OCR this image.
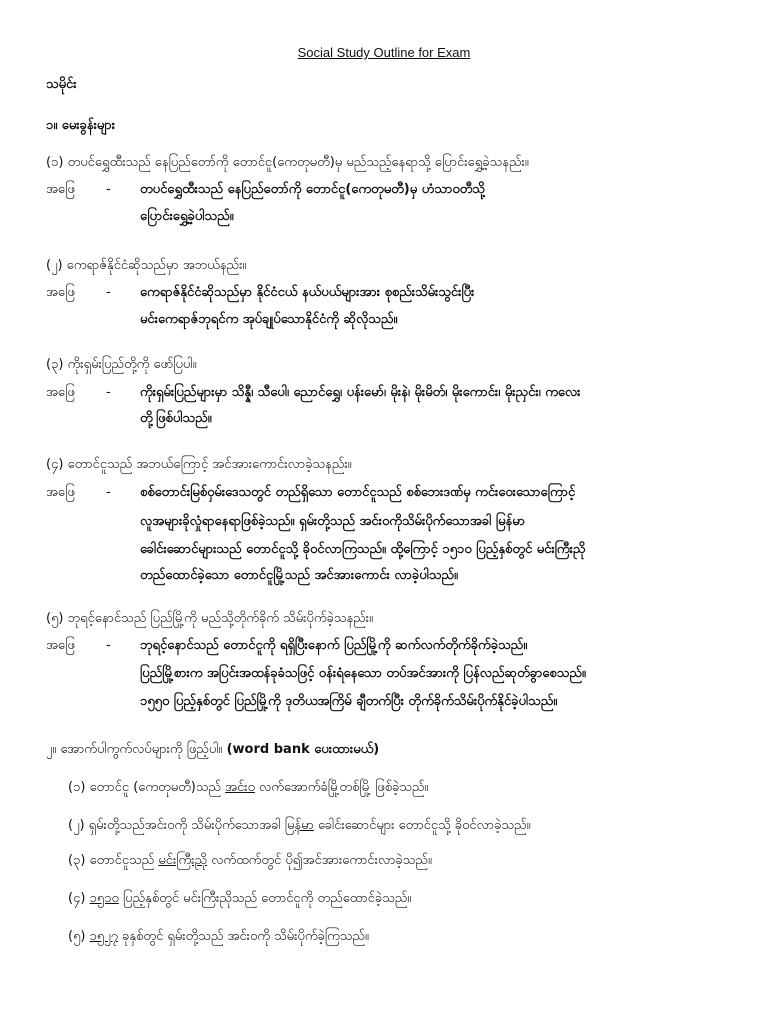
Social Study Outline for Exam
သမိုင်း
၁။ မေးခွန်းများ
(၁) တပင်ရွှေထီးသည် နေပြည်တော်ကို တောင်ငူ(ကေတုမတီ)မှ မည်သည့်နေရာသို့ ပြောင်းရွှေ့ခဲ့သနည်း။
အဖြေ - တပင်ရွှေထီးသည် နေပြည်တော်ကို တောင်ငူ(ကေတုမတီ)မှ ဟံသာဝတီသို့
ပြောင်းရွှေ့ခဲ့ပါသည်။
(၂) ကေရာဇ်နိုင်ငံဆိုသည်မှာ အဘယ်နည်း။
အဖြေ - ကေရာဇ်နိုင်ငံဆိုသည်မှာ နိုင်ငံငယ် နယ်ပယ်များအား စုစည်းသိမ်းသွင်းပြီး
မင်းကေရာဇ်ဘုရင်က အုပ်ချုပ်သောနိုင်ငံကို ဆိုလိုသည်။
(၃) ကိုးရှမ်းပြည်တို့ကို ဖော်ပြပါ။
အဖြေ - ကိုးရှမ်းပြည်များမှာ သိန္နီ၊ သီပေါ၊ ညောင်ရွှေ၊ ပန်းမော်၊ မိုးနဲ၊ မိုးမိတ်၊ မိုးကောင်း၊ မိုးညှင်း၊ ကလေး
တို့ဖြစ်ပါသည်။
(၄) တောင်ငူသည် အဘယ်ကြောင့် အင်အားကောင်းလာခဲ့သနည်း။
အဖြေ - စစ်တောင်းမြစ်ဝှမ်းဒေသတွင် တည်ရှိသော တောင်ငူသည် စစ်ဘေးဒဏ်မှ ကင်းဝေးသောကြောင့်
လူအများခိုလှုံရာနေရာဖြစ်ခဲ့သည်။ ရှမ်းတို့သည် အင်းဝကိုသိမ်းပိုက်သောအခါ မြန်မာ
ခေါင်းဆောင်များသည် တောင်ငူသို့ ခိုဝင်လာကြသည်။ ထို့ကြောင့် ၁၅၁၀ ပြည့်နှစ်တွင် မင်းကြီးညို
တည်ထောင်ခဲ့သော တောင်ငူမြို့သည် အင်အားကောင်း လာခဲ့ပါသည်။
(၅) ဘုရင့်နောင်သည် ပြည်မြို့ကို မည်သို့တိုက်ခိုက် သိမ်းပိုက်ခဲ့သနည်း။
အဖြေ - ဘုရင့်နောင်သည် တောင်ငူကို ရရှိပြီးနောက် ပြည်မြို့ကို ဆက်လက်တိုက်ခိုက်ခဲ့သည်။
ပြည်မြို့စားက အပြင်းအထန်ခုခံသဖြင့် ဝန်းရံနေသော တပ်အင်အားကို ပြန်လည်ဆုတ်ခွာစေသည်။
၁၅၅၀ ပြည့်နှစ်တွင် ပြည်မြို့ကို ဒုတိယအကြိမ် ချီတက်ပြီး တိုက်ခိုက်သိမ်းပိုက်နိုင်ခဲ့ပါသည်။
၂။ အောက်ပါကွက်လပ်များကို ဖြည့်ပါ။ (word bank ပေးထားမယ်)
(၁) တောင်ငူ (ကေတုမတီ)သည် အင်းဝ လက်အောက်ခံမြို့တစ်မြို့ ဖြစ်ခဲ့သည်။
(၂) ရှမ်းတို့သည်အင်းဝကို သိမ်းပိုက်သောအခါ မြန်မာ ခေါင်းဆောင်များ တောင်ငူသို့ ခိုဝင်လာခဲ့သည်။
(၃) တောင်ငူသည် မင်းကြီးညို လက်ထက်တွင် ပို၍အင်အားကောင်းလာခဲ့သည်။
(၄) ၁၅၁၀ ပြည့်နှစ်တွင် မင်းကြီးညိုသည် တောင်ငူကို တည်ထောင်ခဲ့သည်။
(၅) ၁၅၂၇ ခုနှစ်တွင် ရှမ်းတို့သည် အင်းဝကို သိမ်းပိုက်ခဲ့ကြသည်။
